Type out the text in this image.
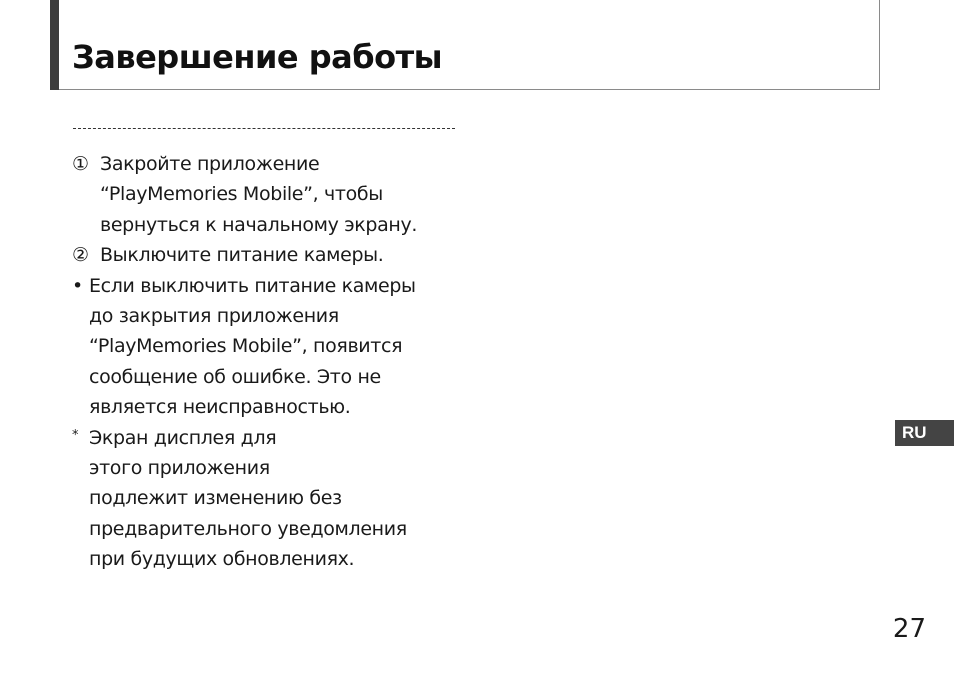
Завершение работы
① Закройте приложение
“PlayMemories Mobile”, чтобы
вернуться к начальному экрану.
② Выключите питание камеры.
• Если выключить питание камеры
до закрытия приложения
“PlayMemories Mobile”, появится
сообщение об ошибке. Это не
является неисправностью.
* Экран дисплея для
этого приложения
подлежит изменению без
предварительного уведомления
при будущих обновлениях.
RU
27
